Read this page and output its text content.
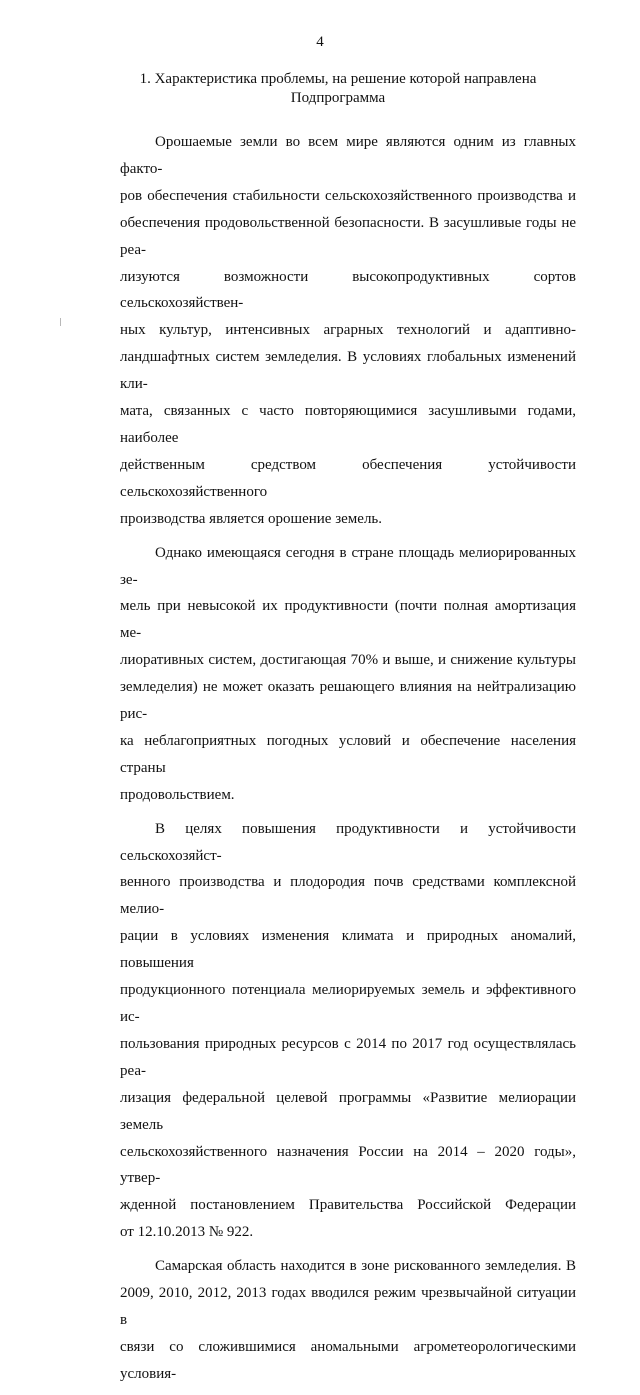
4
1. Характеристика проблемы, на решение которой направлена
Подпрограмма

Орошаемые земли во всем мире являются одним из главных факто-
ров обеспечения стабильности сельскохозяйственного производства и
обеспечения продовольственной безопасности. В засушливые годы не реа-
лизуются возможности высокопродуктивных сортов сельскохозяйствен-
ных культур, интенсивных аграрных технологий и адаптивно-
ландшафтных систем земледелия. В условиях глобальных изменений кли-
мата, связанных с часто повторяющимися засушливыми годами, наиболее
действенным средством обеспечения устойчивости сельскохозяйственного
производства является орошение земель.

Однако имеющаяся сегодня в стране площадь мелиорированных зе-
мель при невысокой их продуктивности (почти полная амортизация ме-
лиоративных систем, достигающая 70% и выше, и снижение культуры
земледелия) не может оказать решающего влияния на нейтрализацию рис-
ка неблагоприятных погодных условий и обеспечение населения страны
продовольствием.

В целях повышения продуктивности и устойчивости сельскохозяйст-
венного производства и плодородия почв средствами комплексной мелио-
рации в условиях изменения климата и природных аномалий, повышения
продукционного потенциала мелиорируемых земель и эффективного ис-
пользования природных ресурсов с 2014 по 2017 год осуществлялась реа-
лизация федеральной целевой программы «Развитие мелиорации земель
сельскохозяйственного назначения России на 2014 – 2020 годы», утвер-
жденной постановлением Правительства Российской Федерации
от 12.10.2013 № 922.

Самарская область находится в зоне рискованного земледелия. В
2009, 2010, 2012, 2013 годах вводился режим чрезвычайной ситуации в
связи со сложившимися аномальными агрометеорологическими условия-
